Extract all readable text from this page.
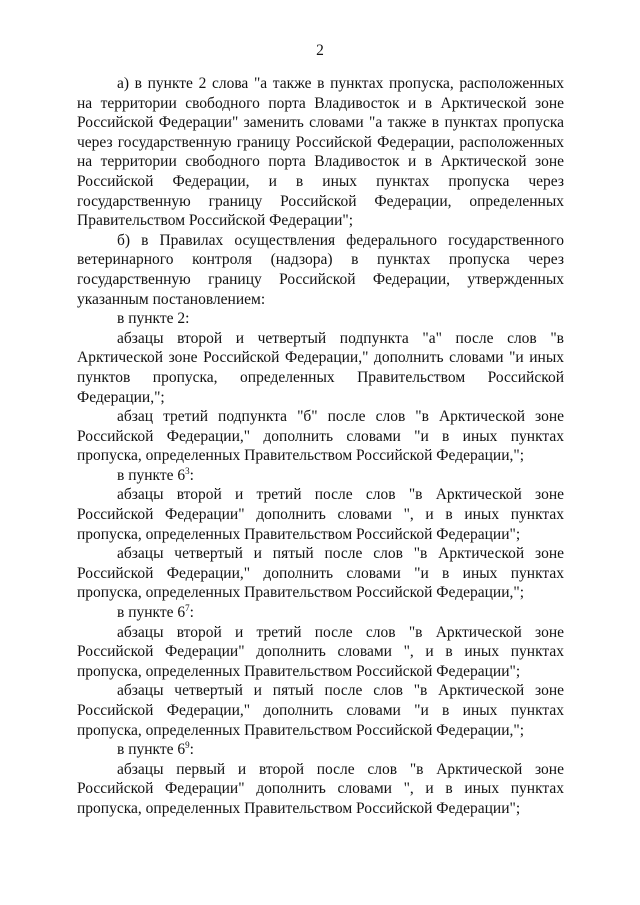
2

а) в пункте 2 слова "а также в пунктах пропуска, расположенных на территории свободного порта Владивосток и в Арктической зоне Российской Федерации" заменить словами "а также в пунктах пропуска через государственную границу Российской Федерации, расположенных на территории свободного порта Владивосток и в Арктической зоне Российской Федерации, и в иных пунктах пропуска через государственную границу Российской Федерации, определенных Правительством Российской Федерации";

б) в Правилах осуществления федерального государственного ветеринарного контроля (надзора) в пунктах пропуска через государственную границу Российской Федерации, утвержденных указанным постановлением:

в пункте 2:

абзацы второй и четвертый подпункта "а" после слов "в Арктической зоне Российской Федерации," дополнить словами "и иных пунктов пропуска, определенных Правительством Российской Федерации,";

абзац третий подпункта "б" после слов "в Арктической зоне Российской Федерации," дополнить словами "и в иных пунктах пропуска, определенных Правительством Российской Федерации,";

в пункте $6^3$:

абзацы второй и третий после слов "в Арктической зоне Российской Федерации" дополнить словами ", и в иных пунктах пропуска, определенных Правительством Российской Федерации";

абзацы четвертый и пятый после слов "в Арктической зоне Российской Федерации," дополнить словами "и в иных пунктах пропуска, определенных Правительством Российской Федерации,";

в пункте $6^7$:

абзацы второй и третий после слов "в Арктической зоне Российской Федерации" дополнить словами ", и в иных пунктах пропуска, определенных Правительством Российской Федерации";

абзацы четвертый и пятый после слов "в Арктической зоне Российской Федерации," дополнить словами "и в иных пунктах пропуска, определенных Правительством Российской Федерации,";

в пункте $6^9$:

абзацы первый и второй после слов "в Арктической зоне Российской Федерации" дополнить словами ", и в иных пунктах пропуска, определенных Правительством Российской Федерации";
